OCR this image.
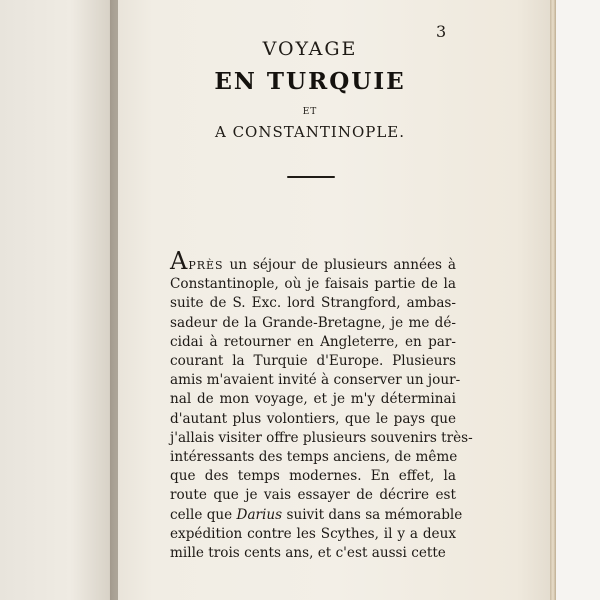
3
VOYAGE
EN TURQUIE
ET
A CONSTANTINOPLE.
APRÈS un séjour de plusieurs années à
Constantinople, où je faisais partie de la
suite de S. Exc. lord Strangford, ambas-
sadeur de la Grande-Bretagne, je me dé-
cidai à retourner en Angleterre, en par-
courant la Turquie d'Europe. Plusieurs
amis m'avaient invité à conserver un jour-
nal de mon voyage, et je m'y déterminai
d'autant plus volontiers, que le pays que
j'allais visiter offre plusieurs souvenirs très-
intéressants des temps anciens, de même
que des temps modernes. En effet, la
route que je vais essayer de décrire est
celle que Darius suivit dans sa mémorable
expédition contre les Scythes, il y a deux
mille trois cents ans, et c'est aussi cette
